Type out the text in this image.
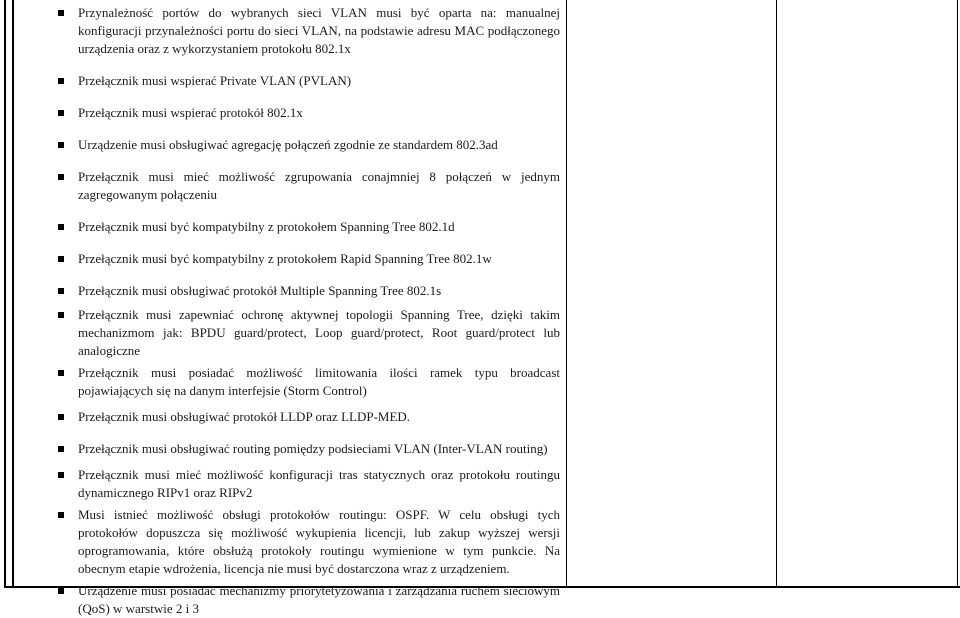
Przynależność portów do wybranych sieci VLAN musi być oparta na: manualnej konfiguracji przynależności portu do sieci VLAN, na podstawie adresu MAC podłączonego urządzenia oraz z wykorzystaniem protokołu 802.1x
Przełącznik musi wspierać Private VLAN (PVLAN)
Przełącznik musi wspierać protokół 802.1x
Urządzenie musi obsługiwać agregację połączeń zgodnie ze standardem 802.3ad
Przełącznik musi mieć możliwość zgrupowania conajmniej 8 połączeń w jednym zagregowanym połączeniu
Przełącznik musi być kompatybilny z protokołem Spanning Tree 802.1d
Przełącznik musi być kompatybilny z protokołem Rapid Spanning Tree 802.1w
Przełącznik musi obsługiwać protokół Multiple Spanning Tree 802.1s
Przełącznik musi zapewniać ochronę aktywnej topologii Spanning Tree, dzięki takim mechanizmom jak: BPDU guard/protect, Loop guard/protect, Root guard/protect lub analogiczne
Przełącznik musi posiadać możliwość limitowania ilości ramek typu broadcast pojawiających się na danym interfejsie (Storm Control)
Przełącznik musi obsługiwać protokół LLDP oraz LLDP-MED.
Przełącznik musi obsługiwać routing pomiędzy podsieciami VLAN (Inter-VLAN routing)
Przełącznik musi mieć możliwość konfiguracji tras statycznych oraz protokołu routingu dynamicznego RIPv1 oraz RIPv2
Musi istnieć możliwość obsługi protokołów routingu: OSPF. W celu obsługi tych protokołów dopuszcza się możliwość wykupienia licencji, lub zakup wyższej wersji oprogramowania, które obsłużą protokoły routingu wymienione w tym punkcie. Na obecnym etapie wdrożenia, licencja nie musi być dostarczona wraz z urządzeniem.
Urządzenie musi posiadać mechanizmy priorytetyzowania i zarządzania ruchem sieciowym (QoS) w warstwie 2 i 3
